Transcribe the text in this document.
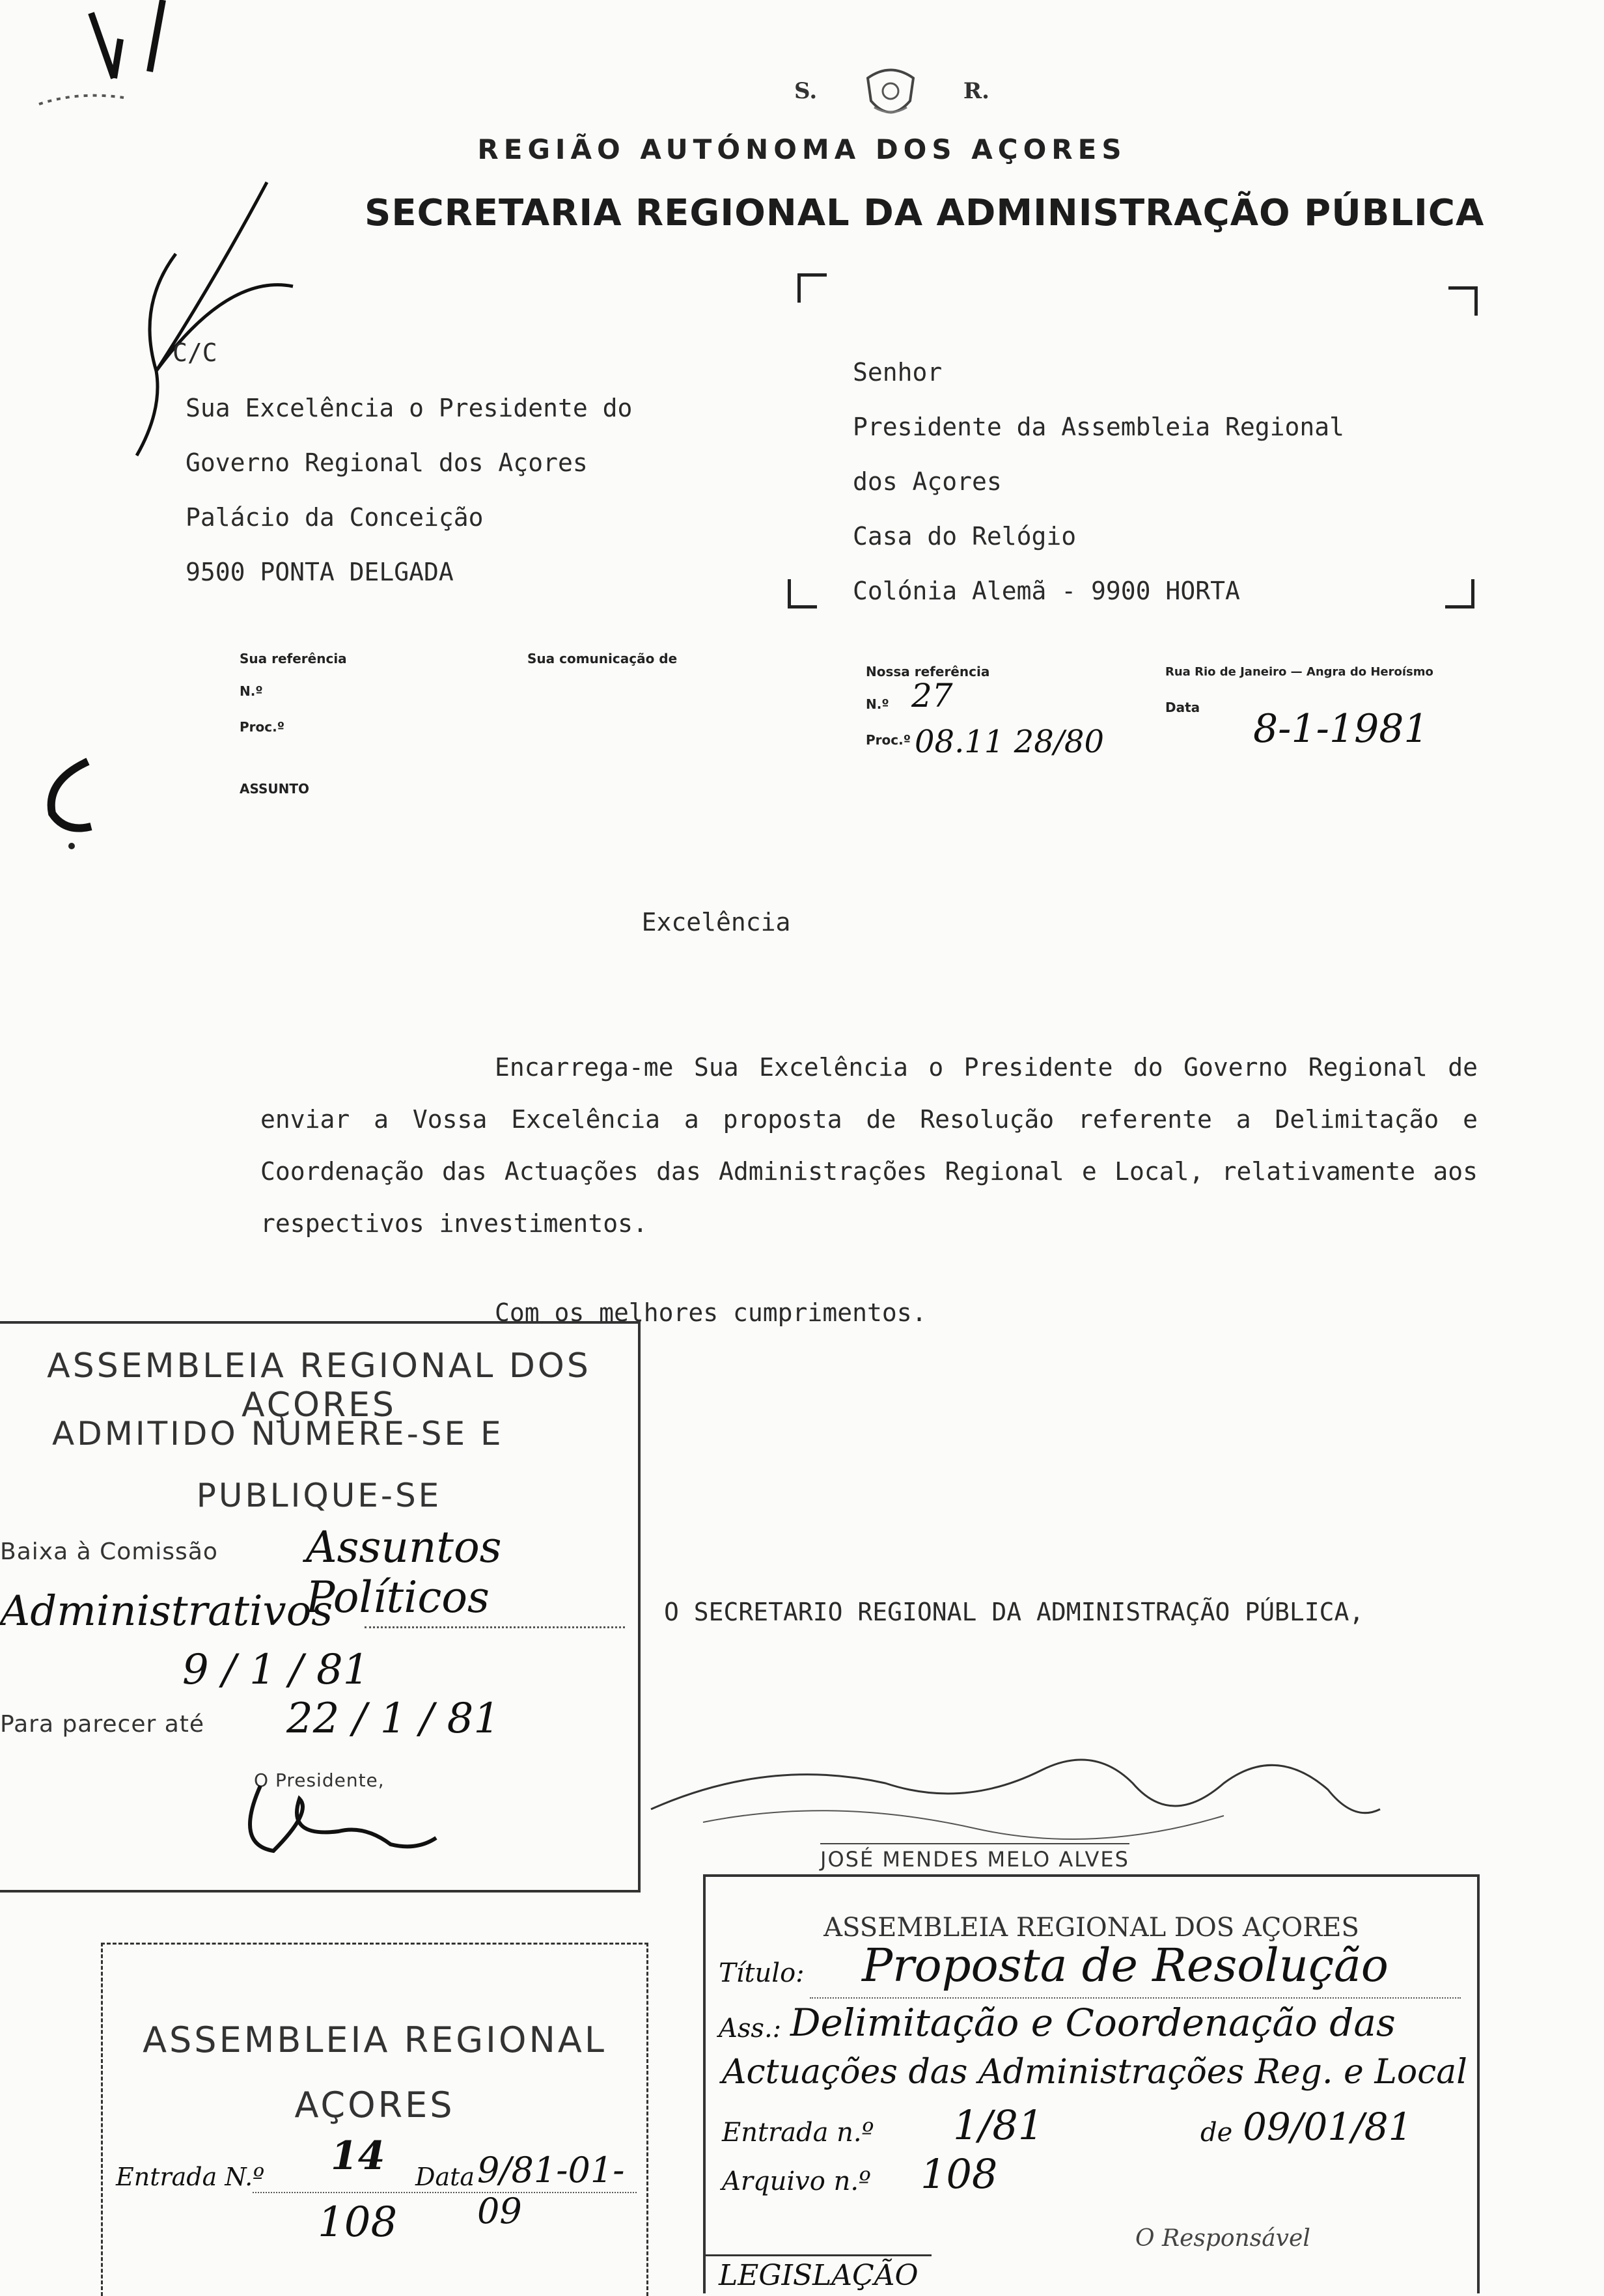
S.	R.
REGIÃO AUTÓNOMA DOS AÇORES
SECRETARIA REGIONAL DA ADMINISTRAÇÃO PÚBLICA
C/C
Sua Excelência o Presidente do
Governo Regional dos Açores
Palácio da Conceição
9500 PONTA DELGADA
Senhor
Presidente da Assembleia Regional
dos Açores
Casa do Relógio
Colónia Alemã - 9900 HORTA
Sua referência
N.º
Proc.º
Sua comunicação de
Nossa referência
N.º 27
Proc.º 08.11 28/80
Rua Rio de Janeiro — Angra do Heroísmo
Data 8-1-1981
ASSUNTO
Excelência
Encarrega-me Sua Excelência o Presidente do Governo Regional de enviar a Vossa Excelência a proposta de Resolução referente a Delimitação e Coordenação das Actuações das Administrações Regional e Local, relativamente aos respectivos investimentos.
Com os melhores cumprimentos.
O SECRETARIO REGIONAL DA ADMINISTRAÇÃO PÚBLICA,
JOSÉ MENDES MELO ALVES
ASSEMBLEIA REGIONAL DOS AÇORES
ADMITIDO NUMERE-SE E
PUBLIQUE-SE
Baixa à Comissão Assuntos Políticos
Administrativos
9 / 1 / 81
Para parecer até 22 / 1 / 81
O Presidente,
ASSEMBLEIA REGIONAL DOS AÇORES
Título: Proposta de Resolução
Ass.: Delimitação e Coordenação das
Actuações das Administrações Reg. e Local
Entrada n.º 1/81	de 09/01/81
Arquivo n.º 108
O Responsável
LEGISLAÇÃO
ASSEMBLEIA REGIONAL
AÇORES
Entrada N.º 14 Data 9/81-01-09
108
